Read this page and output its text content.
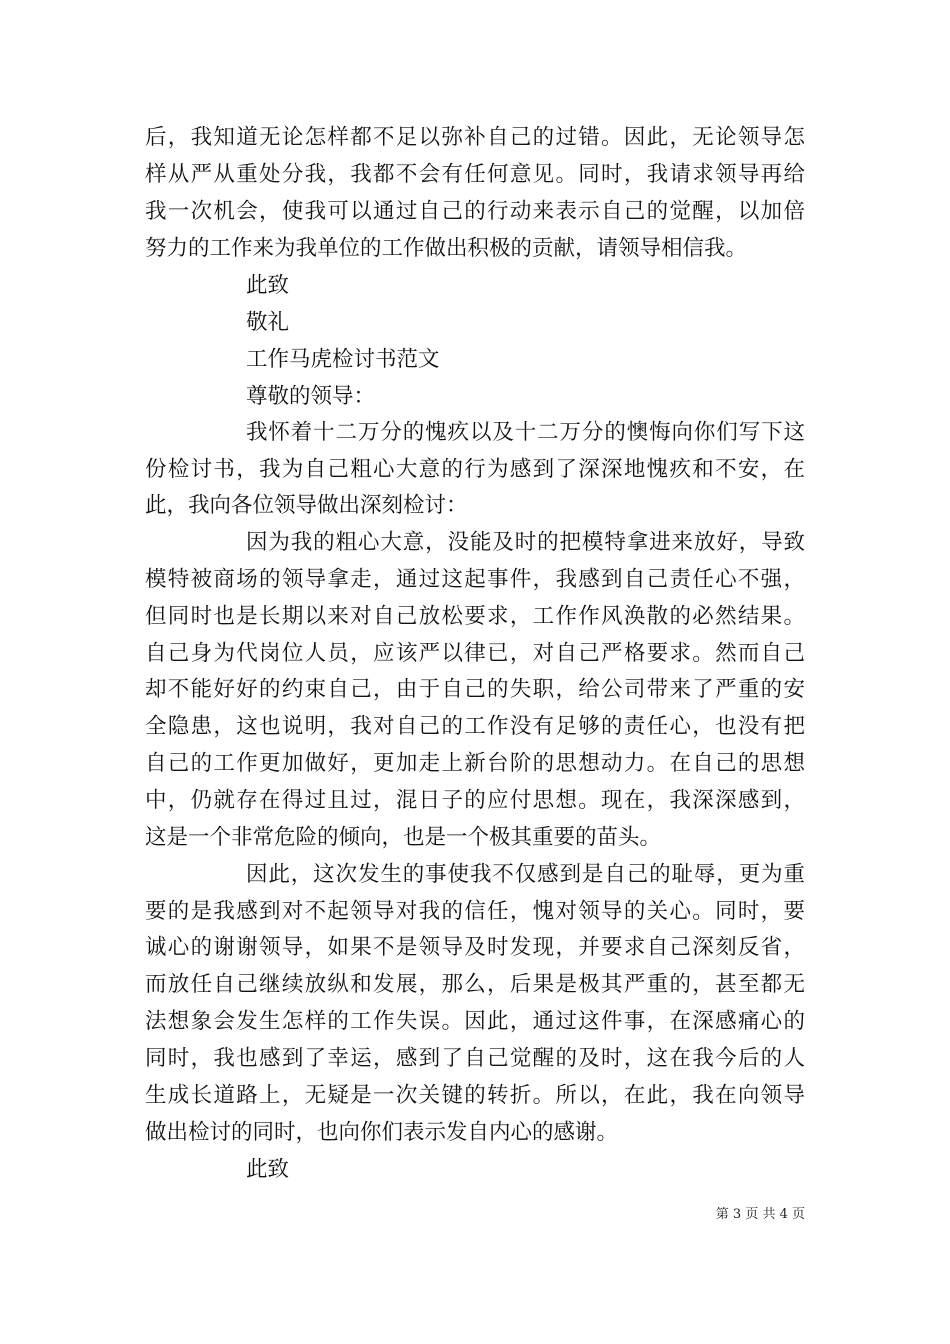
后，我知道无论怎样都不足以弥补自己的过错。因此，无论领导怎

样从严从重处分我，我都不会有任何意见。同时，我请求领导再给

我一次机会，使我可以通过自己的行动来表示自己的觉醒，以加倍

努力的工作来为我单位的工作做出积极的贡献，请领导相信我。

此致

敬礼

工作马虎检讨书范文

尊敬的领导：

我怀着十二万分的愧疚以及十二万分的懊悔向你们写下这

份检讨书，我为自己粗心大意的行为感到了深深地愧疚和不安，在

此，我向各位领导做出深刻检讨：

因为我的粗心大意，没能及时的把模特拿进来放好，导致

模特被商场的领导拿走，通过这起事件，我感到自己责任心不强，

但同时也是长期以来对自己放松要求，工作作风涣散的必然结果。

自己身为代岗位人员，应该严以律已，对自己严格要求。然而自己

却不能好好的约束自己，由于自己的失职，给公司带来了严重的安

全隐患，这也说明，我对自己的工作没有足够的责任心，也没有把

自己的工作更加做好，更加走上新台阶的思想动力。在自己的思想

中，仍就存在得过且过，混日子的应付思想。现在，我深深感到，

这是一个非常危险的倾向，也是一个极其重要的苗头。

因此，这次发生的事使我不仅感到是自己的耻辱，更为重

要的是我感到对不起领导对我的信任，愧对领导的关心。同时，要

诚心的谢谢领导，如果不是领导及时发现，并要求自己深刻反省，

而放任自己继续放纵和发展，那么，后果是极其严重的，甚至都无

法想象会发生怎样的工作失误。因此，通过这件事，在深感痛心的

同时，我也感到了幸运，感到了自己觉醒的及时，这在我今后的人

生成长道路上，无疑是一次关键的转折。所以，在此，我在向领导

做出检讨的同时，也向你们表示发自内心的感谢。

此致

第 3 页 共 4 页
